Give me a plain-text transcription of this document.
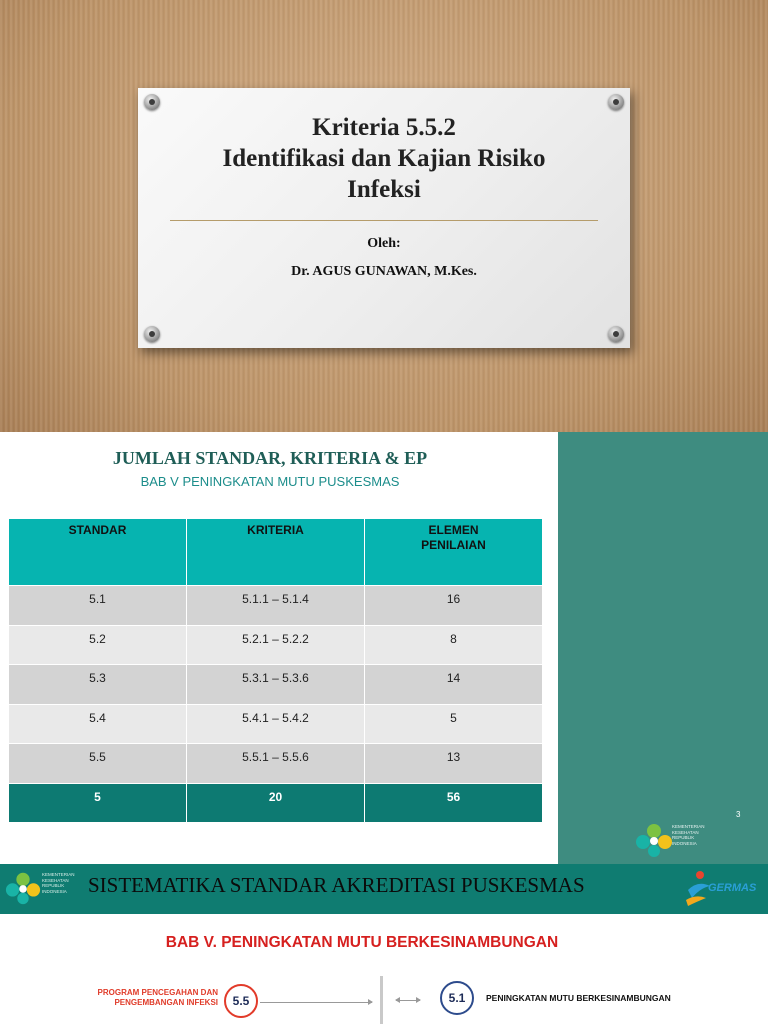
Kriteria 5.5.2
Identifikasi dan Kajian Risiko
Infeksi
Oleh:
Dr. AGUS GUNAWAN, M.Kes.
JUMLAH STANDAR, KRITERIA & EP
BAB V PENINGKATAN MUTU PUSKESMAS
STANDAR	KRITERIA	ELEMEN PENILAIAN
5.1	5.1.1 – 5.1.4	16
5.2	5.2.1 – 5.2.2	8
5.3	5.3.1 – 5.3.6	14
5.4	5.4.1 – 5.4.2	5
5.5	5.5.1 – 5.5.6	13
5	20	56
3
KEMENTERIAN KESEHATAN REPUBLIK INDONESIA
KEMENTERIAN KESEHATAN REPUBLIK INDONESIA	SISTEMATIKA STANDAR AKREDITASI PUSKESMAS	GERMAS
BAB V. PENINGKATAN MUTU BERKESINAMBUNGAN
PROGRAM PENCEGAHAN DAN PENGEMBANGAN INFEKSI	5.5	5.1	PENINGKATAN MUTU BERKESINAMBUNGAN
